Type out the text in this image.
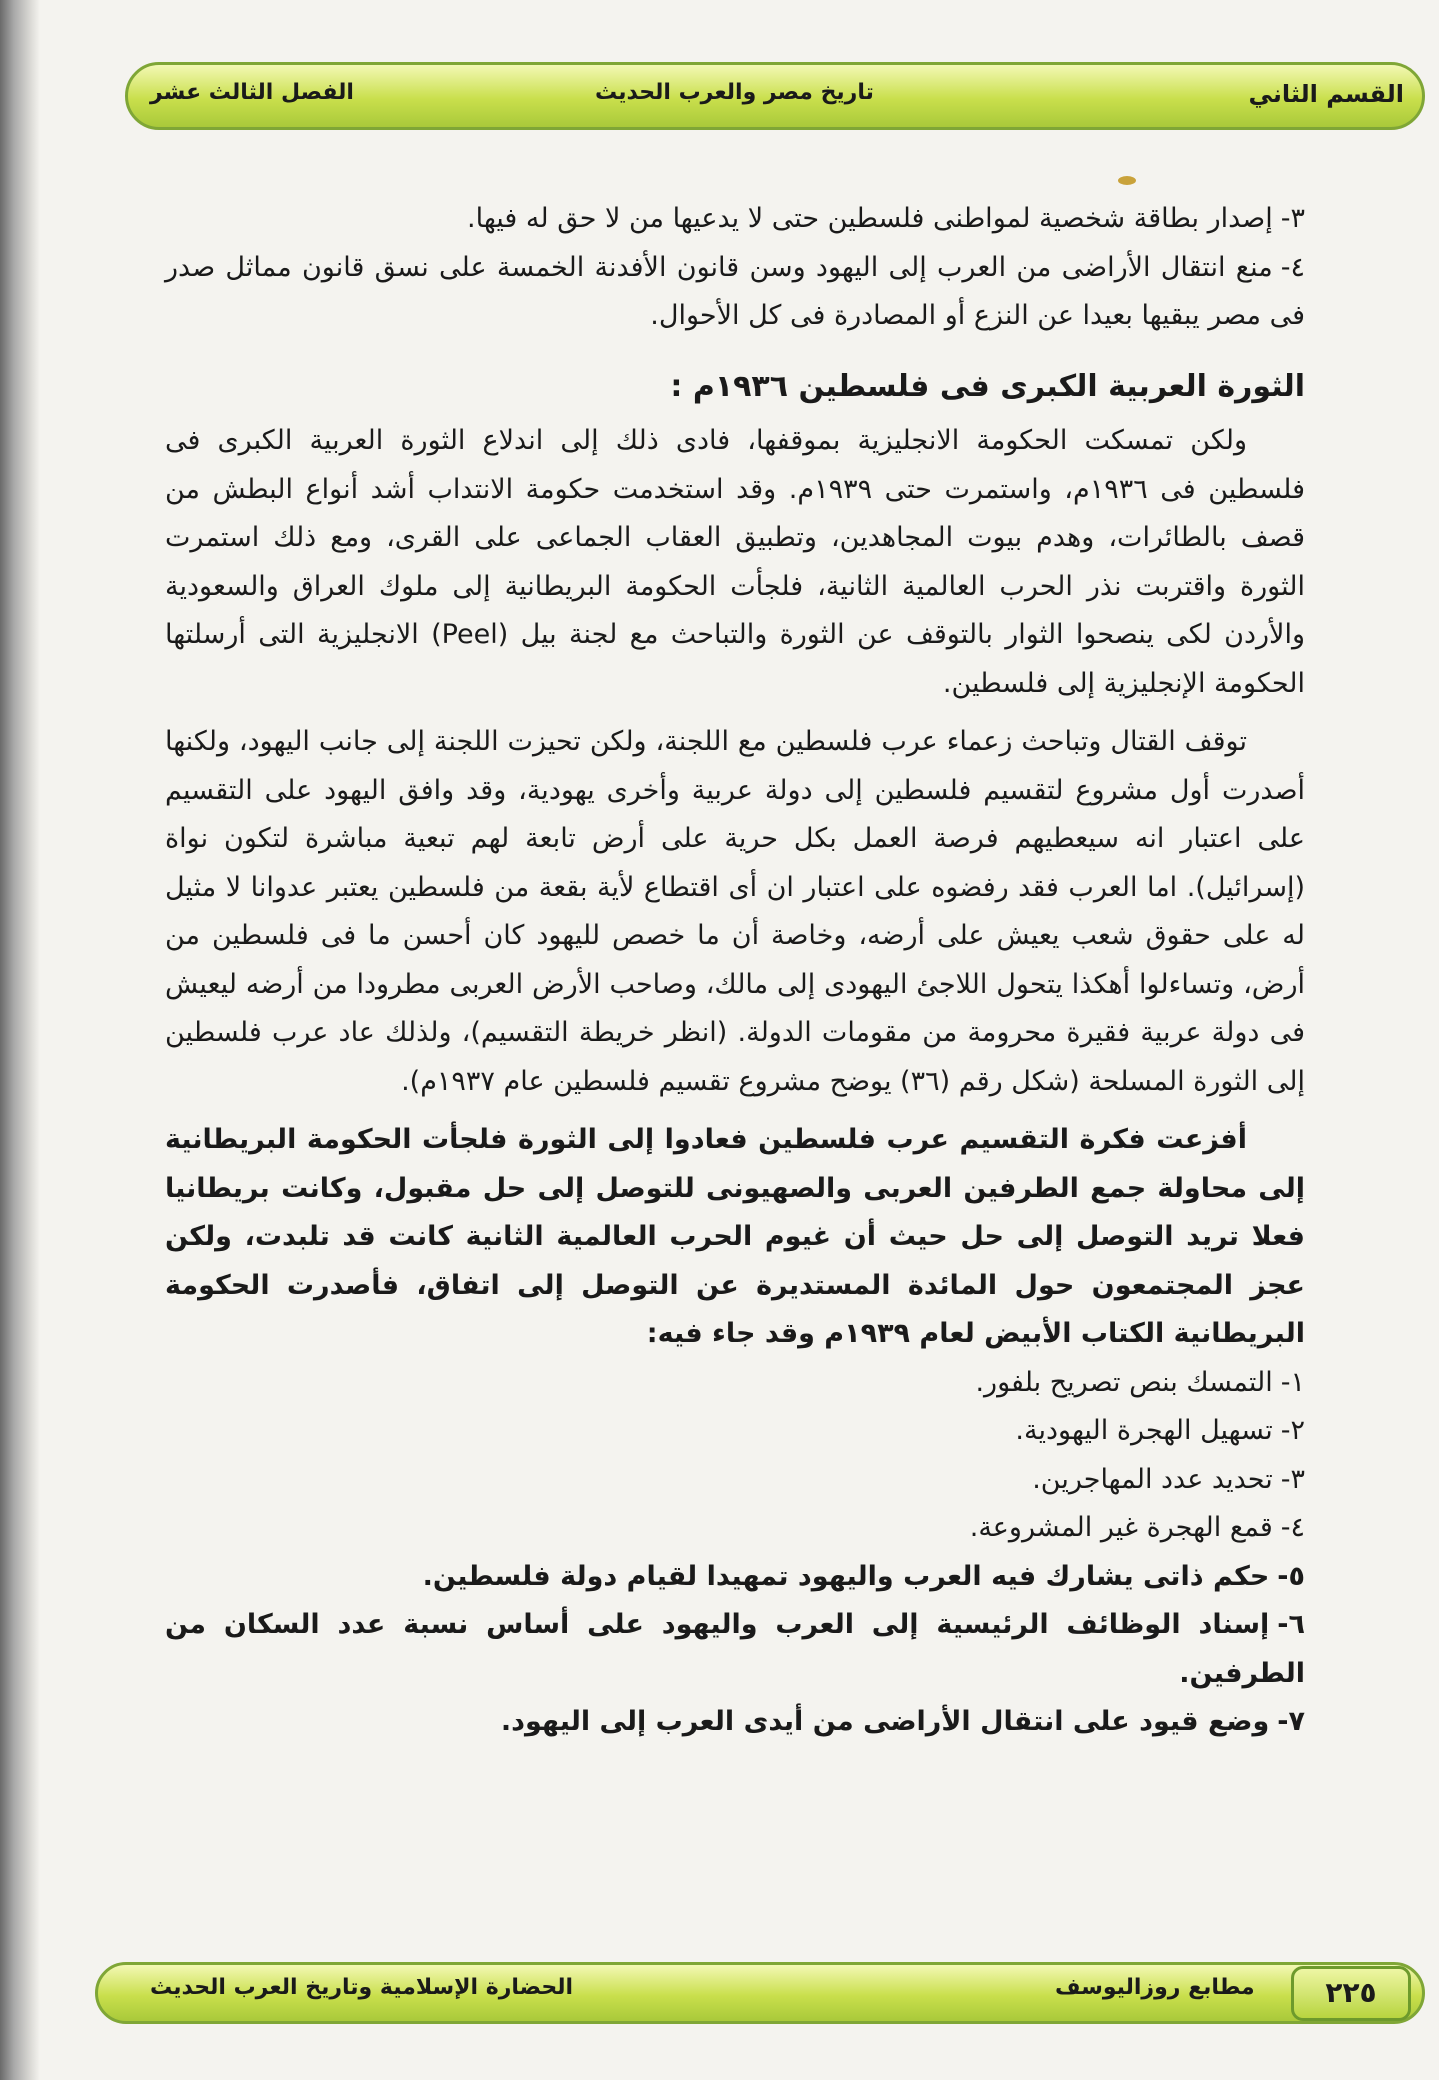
القسم الثاني
تاريخ مصر والعرب الحديث
الفصل الثالث عشر

٣-إصدار بطاقة شخصية لمواطنى فلسطين حتى لا يدعيها من لا حق له فيها.

٤-منع انتقال الأراضى من العرب إلى اليهود وسن قانون الأفدنة الخمسة على نسق قانون مماثل صدر فى مصر يبقيها بعيدا عن النزع أو المصادرة فى كل الأحوال.

الثورة العربية الكبرى فى فلسطين ١٩٣٦م :

ولكن تمسكت الحكومة الانجليزية بموقفها، فادى ذلك إلى اندلاع الثورة العربية الكبرى فى فلسطين فى ١٩٣٦م، واستمرت حتى ١٩٣٩م. وقد استخدمت حكومة الانتداب أشد أنواع البطش من قصف بالطائرات، وهدم بيوت المجاهدين، وتطبيق العقاب الجماعى على القرى، ومع ذلك استمرت الثورة واقتربت نذر الحرب العالمية الثانية، فلجأت الحكومة البريطانية إلى ملوك العراق والسعودية والأردن لكى ينصحوا الثوار بالتوقف عن الثورة والتباحث مع لجنة بيل (Peel) الانجليزية التى أرسلتها الحكومة الإنجليزية إلى فلسطين.

توقف القتال وتباحث زعماء عرب فلسطين مع اللجنة، ولكن تحيزت اللجنة إلى جانب اليهود، ولكنها أصدرت أول مشروع لتقسيم فلسطين إلى دولة عربية وأخرى يهودية، وقد وافق اليهود على التقسيم على اعتبار انه سيعطيهم فرصة العمل بكل حرية على أرض تابعة لهم تبعية مباشرة لتكون نواة (إسرائيل). اما العرب فقد رفضوه على اعتبار ان أى اقتطاع لأية بقعة من فلسطين يعتبر عدوانا لا مثيل له على حقوق شعب يعيش على أرضه، وخاصة أن ما خصص لليهود كان أحسن ما فى فلسطين من أرض، وتساءلوا أهكذا يتحول اللاجئ اليهودى إلى مالك، وصاحب الأرض العربى مطرودا من أرضه ليعيش فى دولة عربية فقيرة محرومة من مقومات الدولة. (انظر خريطة التقسيم)، ولذلك عاد عرب فلسطين إلى الثورة المسلحة (شكل رقم (٣٦) يوضح مشروع تقسيم فلسطين عام ١٩٣٧م).

أفزعت فكرة التقسيم عرب فلسطين فعادوا إلى الثورة فلجأت الحكومة البريطانية إلى محاولة جمع الطرفين العربى والصهيونى للتوصل إلى حل مقبول، وكانت بريطانيا فعلا تريد التوصل إلى حل حيث أن غيوم الحرب العالمية الثانية كانت قد تلبدت، ولكن عجز المجتمعون حول المائدة المستديرة عن التوصل إلى اتفاق، فأصدرت الحكومة البريطانية الكتاب الأبيض لعام ١٩٣٩م وقد جاء فيه:

١-التمسك بنص تصريح بلفور.
٢-تسهيل الهجرة اليهودية.
٣-تحديد عدد المهاجرين.
٤-قمع الهجرة غير المشروعة.
٥-حكم ذاتى يشارك فيه العرب واليهود تمهيدا لقيام دولة فلسطين.
٦-إسناد الوظائف الرئيسية إلى العرب واليهود على أساس نسبة عدد السكان من الطرفين.
٧-وضع قيود على انتقال الأراضى من أيدى العرب إلى اليهود.
٢٢٥
مطابع روزاليوسف
الحضارة الإسلامية وتاريخ العرب الحديث
